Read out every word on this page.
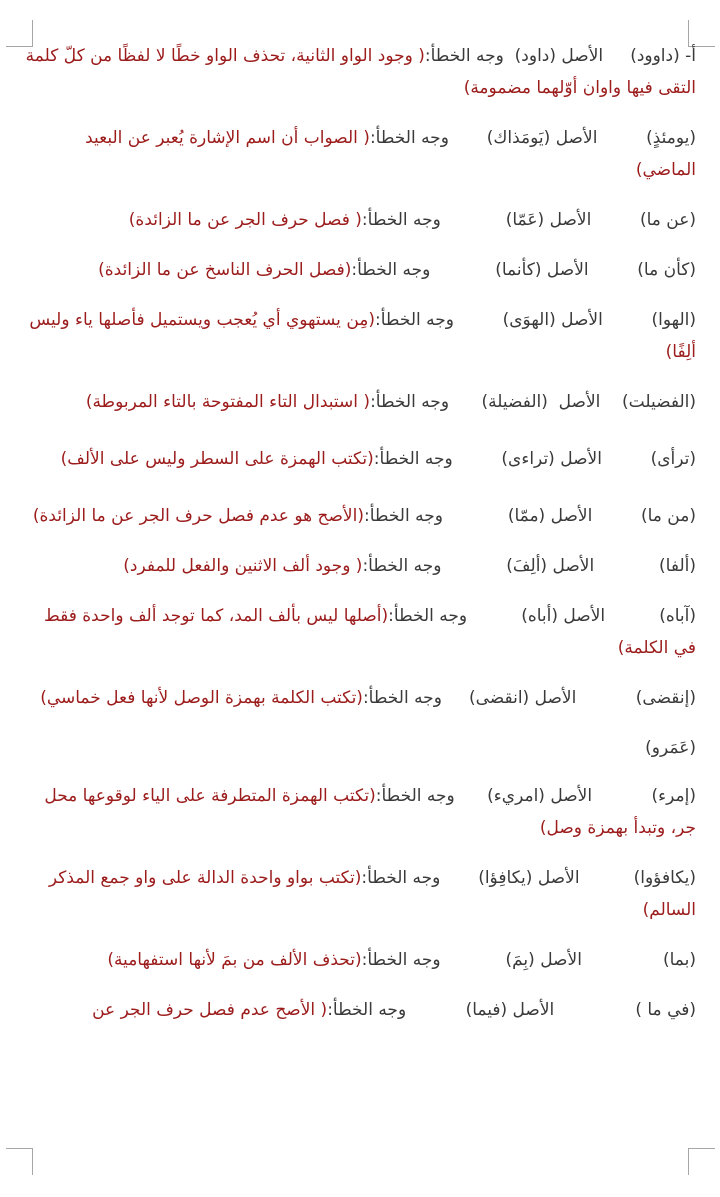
أ- (داوود)     الأصل (داود)  وجه الخطأ:( وجود الواو الثانية، تحذف الواو خطًا لا لفظًا من كلّ كلمة التقى فيها واوان أوّلهما مضمومة)

(يومئذٍ)         الأصل (يَومَذاك)       وجه الخطأ:( الصواب أن اسم الإشارة يُعبر عن البعيد الماضي)

(عن ما)         الأصل (عَمّا)            وجه الخطأ:( فصل حرف الجر عن ما الزائدة)

(كأن ما)         الأصل (كأنما)            وجه الخطأ:(فصل الحرف الناسخ عن ما الزائدة)

(الهوا)         الأصل (الهوَى)         وجه الخطأ:(مِن يستهوي أي يُعجب ويستميل فأصلها ياء وليس ألِفًا)

(الفضيلت)    الأصل  (الفضيلة)      وجه الخطأ:( استبدال التاء المفتوحة بالتاء المربوطة)

(ترأى)         الأصل (تراءى)         وجه الخطأ:(تكتب الهمزة على السطر وليس على الألف)

(من ما)         الأصل (ممّا)            وجه الخطأ:(الأصح هو عدم فصل حرف الجر عن ما الزائدة)

(ألفا)            الأصل (ألِفَ)            وجه الخطأ:( وجود ألف الاثنين والفعل للمفرد)

(آباه)          الأصل (أباه)          وجه الخطأ:(أصلها ليس بألف المد، كما توجد ألف واحدة فقط في الكلمة)

(إنقضى)           الأصل (انقضى)     وجه الخطأ:(تكتب الكلمة بهمزة الوصل لأنها فعل خماسي)

(عَمَرو)

(إمرء)           الأصل (امريء)      وجه الخطأ:(تكتب الهمزة المتطرفة على الياء لوقوعها محل جر، وتبدأ بهمزة وصل)

(يكافؤوا)          الأصل (يكافِؤا)       وجه الخطأ:(تكتب بواو واحدة الدالة على واو جمع المذكر السالم)

(بما)               الأصل (بِمَ)            وجه الخطأ:(تحذف الألف من بمَ لأنها استفهامية)

(في ما )               الأصل (فيما)           وجه الخطأ:( الأصح عدم فصل حرف الجر عن
